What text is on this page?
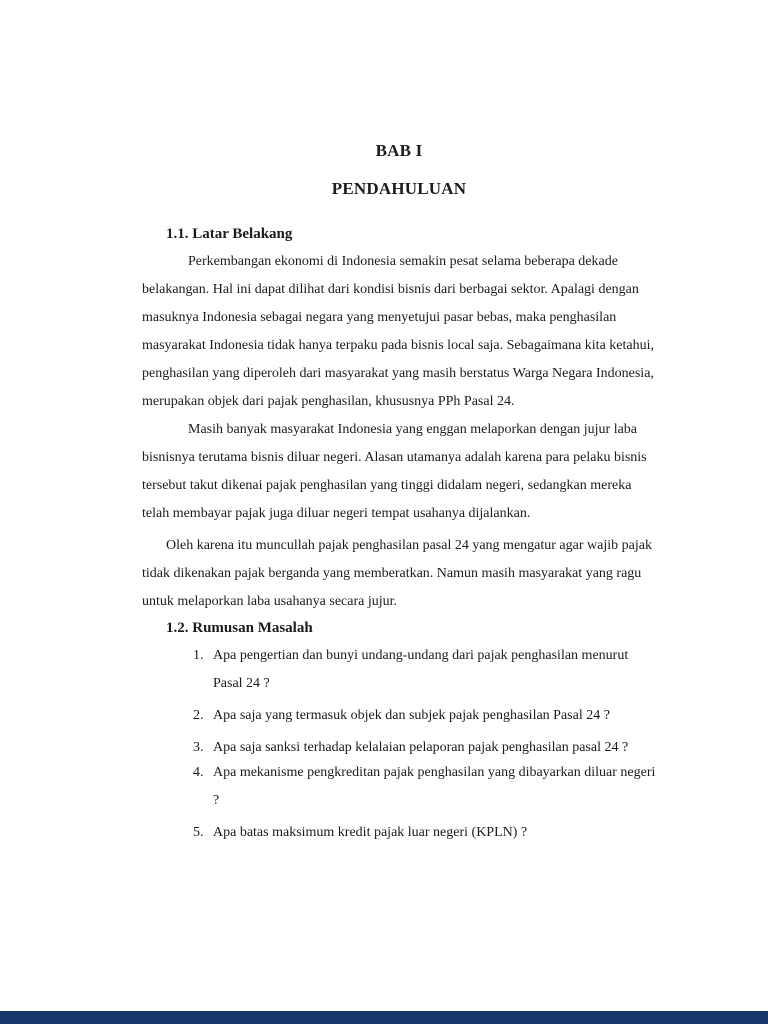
BAB I
PENDAHULUAN
1.1. Latar Belakang

Perkembangan ekonomi di Indonesia semakin pesat selama beberapa dekade belakangan. Hal ini dapat dilihat dari kondisi bisnis dari berbagai sektor. Apalagi dengan masuknya Indonesia sebagai negara yang menyetujui pasar bebas, maka penghasilan masyarakat Indonesia tidak hanya terpaku pada bisnis local saja. Sebagaimana kita ketahui, penghasilan yang diperoleh dari masyarakat yang masih berstatus Warga Negara Indonesia, merupakan objek dari pajak penghasilan, khususnya PPh Pasal 24.

Masih banyak masyarakat Indonesia yang enggan melaporkan dengan jujur laba bisnisnya terutama bisnis diluar negeri. Alasan utamanya adalah karena para pelaku bisnis tersebut takut dikenai pajak penghasilan yang tinggi didalam negeri, sedangkan mereka telah membayar pajak juga diluar negeri tempat usahanya dijalankan.

Oleh karena itu muncullah pajak penghasilan pasal 24 yang mengatur agar wajib pajak tidak dikenakan pajak berganda yang memberatkan. Namun masih masyarakat yang ragu untuk melaporkan laba usahanya secara jujur.

1.2. Rumusan Masalah
1. Apa pengertian dan bunyi undang-undang dari pajak penghasilan menurut Pasal 24 ?
2. Apa saja yang termasuk objek dan subjek pajak penghasilan Pasal 24 ?
3. Apa saja sanksi terhadap kelalaian pelaporan pajak penghasilan pasal 24 ?
4. Apa mekanisme pengkreditan pajak penghasilan yang dibayarkan diluar negeri ?
5. Apa batas maksimum kredit pajak luar negeri (KPLN) ?
